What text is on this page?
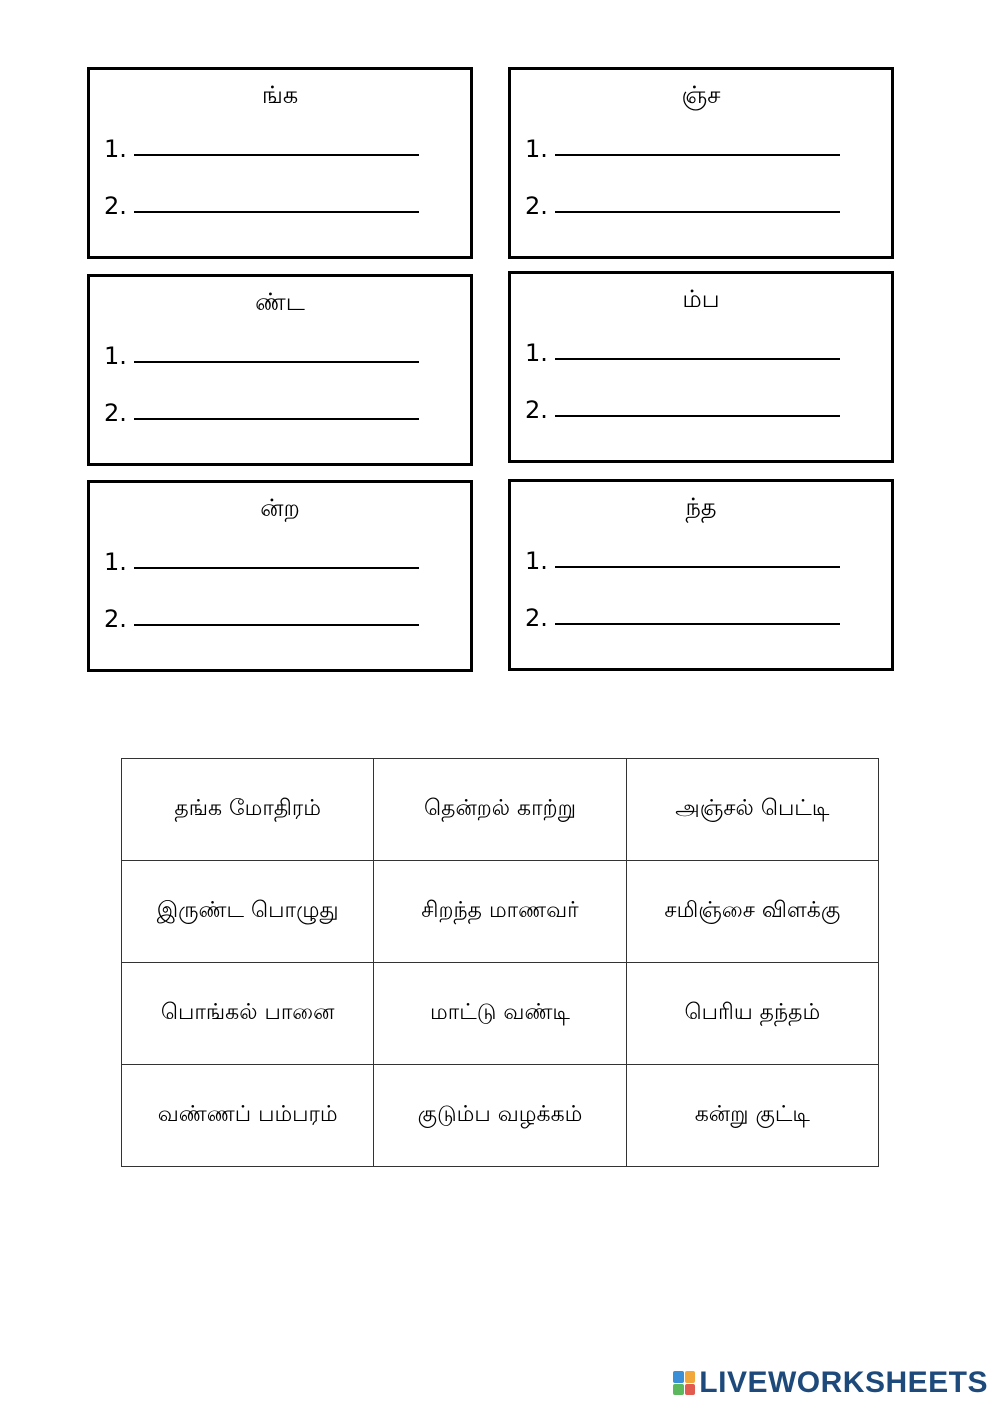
ங்க
1.
2.
ஞ்ச
1.
2.
ண்ட
1.
2.
ம்ப
1.
2.
ன்ற
1.
2.
ந்த
1.
2.
தங்க மோதிரம்	தென்றல் காற்று	அஞ்சல் பெட்டி
இருண்ட பொழுது	சிறந்த மாணவர்	சமிஞ்சை விளக்கு
பொங்கல் பானை	மாட்டு வண்டி	பெரிய தந்தம்
வண்ணப் பம்பரம்	குடும்ப வழக்கம்	கன்று குட்டி
LIVEWORKSHEETS
